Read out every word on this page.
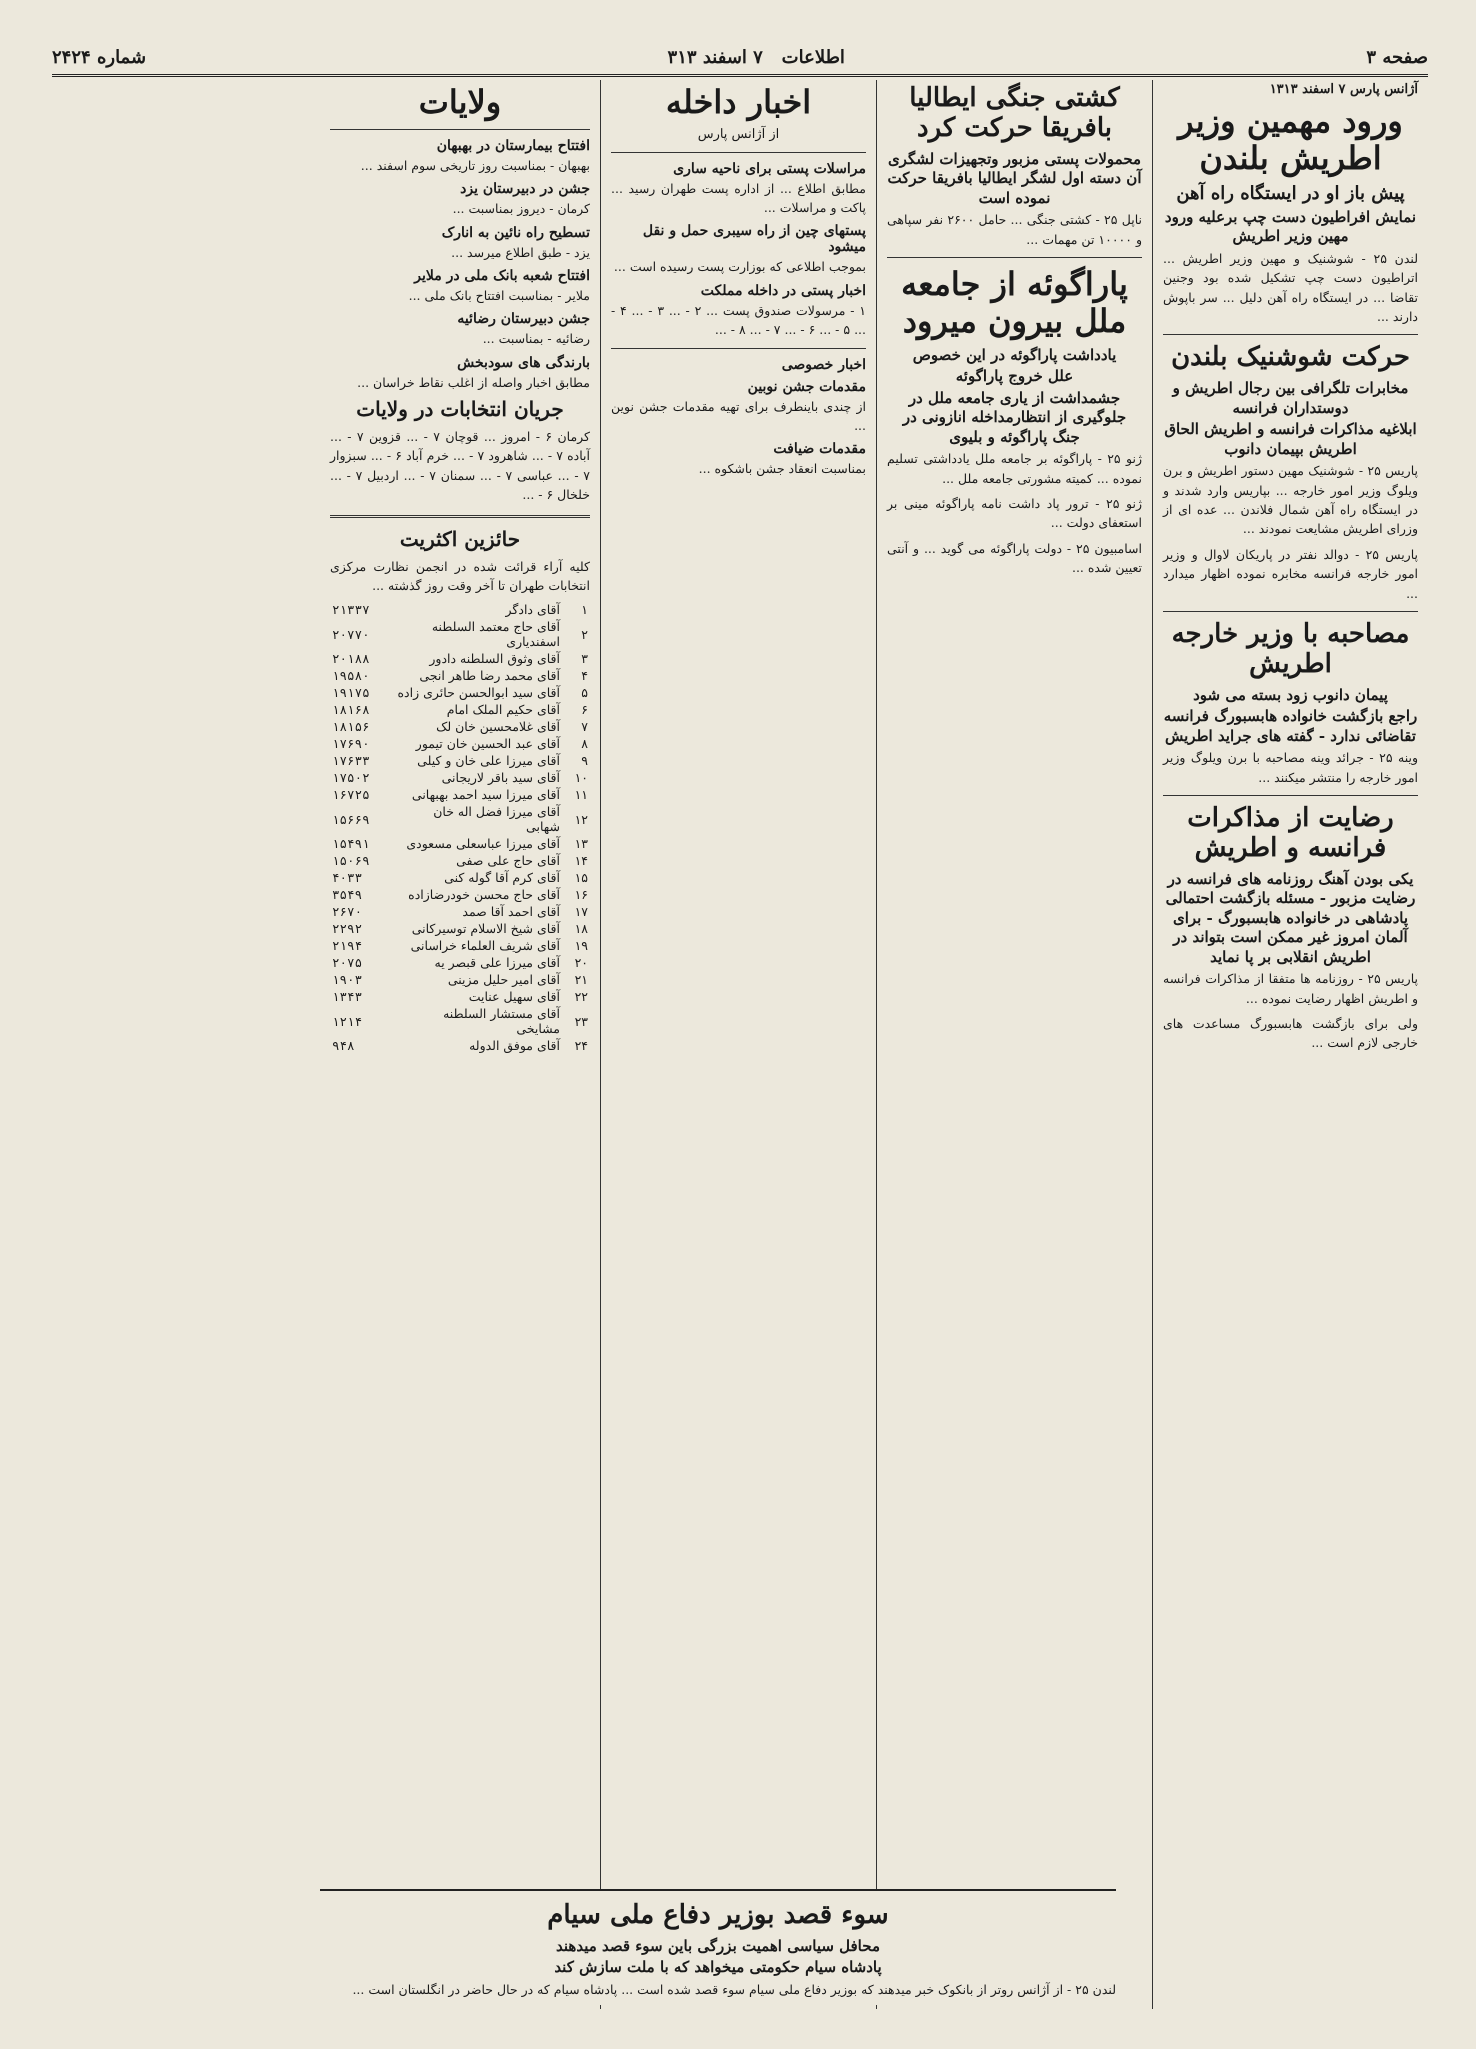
صفحه ۳
اطلاعات   ۷ اسفند ۳۱۳
شماره ۲۴۲۴
آژانس پارس ۷ اسفند ۱۳۱۳
ورود مهمین وزیر اطریش بلندن
پیش باز او در ایستگاه راه آهن
نمایش افراطیون دست چپ برعلیه ورود مهین وزیر اطریش

لندن ۲۵ - شوشنیک و مهین وزیر اطریش ... اتراطیون دست چپ تشکیل شده بود وجنین تقاضا ... در ایستگاه راه آهن دلیل ... سر باپوش دارند ...

حرکت شوشنیک بلندن
مخابرات تلگرافی بین رجال اطریش و دوستداران فرانسه
ابلاغیه مذاکرات فرانسه و اطریش الحاق اطریش بپیمان دانوب

پاریس ۲۵ - شوشنیک مهین دستور اطریش و برن ویلوگ وزیر امور خارجه ... بپاریس وارد شدند و در ایستگاه راه آهن شمال فلاندن ... عده ای از وزراى اطریش مشایعت نمودند ...

پاریس ۲۵ - دوالد نفتر در پاریکان لاوال و وزیر امور خارجه فرانسه مخابره نموده اظهار میدارد ...

مصاحبه با وزیر خارجه اطریش
پیمان دانوب زود بسته می شود
راجع بازگشت خانواده هابسبورگ فرانسه تقاضائی ندارد - گفته های جراید اطریش

وینه ۲۵ - جرائد وینه مصاحبه با برن ویلوگ وزیر امور خارجه را منتشر میکنند ...

رضایت از مذاکرات فرانسه و اطریش
یکی بودن آهنگ روزنامه های فرانسه در رضایت مزبور - مسئله بازگشت احتمالی پادشاهی در خانواده هابسبورگ - برای آلمان امروز غیر ممکن است بتواند در اطریش انقلابی بر پا نماید

پاریس ۲۵ - روزنامه ها متفقا از مذاکرات فرانسه و اطریش اظهار رضایت نموده ...

ولی برای بازگشت هابسبورگ مساعدت های خارجی لازم است ...

کشتی جنگی ایطالیا بافریقا حرکت کرد
محمولات پستی مزبور وتجهیزات لشگری آن دسته اول لشگر ایطالیا بافریقا حرکت نموده است

ناپل ۲۵ - کشتی جنگی ... حامل ۲۶۰۰ نفر سپاهی و ۱۰۰۰۰ تن مهمات ...

پاراگوئه از جامعه ملل بیرون میرود
یادداشت پاراگوئه در این خصوص
علل خروج پاراگوئه
جشمداشت از یاری جامعه ملل در جلوگیری از انتظارمداخله انازونی در جنگ پاراگوئه و بلیوی

ژنو ۲۵ - پاراگوئه بر جامعه ملل یادداشتی تسلیم نموده ... کمیته مشورتی جامعه ملل ...

ژنو ۲۵ - ترور پاد داشت نامه پاراگوئه مینی بر استعفای دولت ...

اسامبیون ۲۵ - دولت پاراگوئه می گوید ... و آنتی تعیین شده ...

اخبار داخله
از آژانس پارس
مراسلات پستی برای ناحیه ساری

مطابق اطلاع ... از اداره پست طهران رسید ... پاکت و مراسلات ...

پستهای چین از راه سیبری حمل و نقل میشود

بموجب اطلاعی که بوزارت پست رسیده است ...

اخبار پستی در داخله مملکت

۱ - مرسولات صندوق پست ... ۲ - ... ۳ - ... ۴ - ... ۵ - ... ۶ - ... ۷ - ... ۸ - ...

اخبار خصوصی
مقدمات جشن نوبین

از چندی باینطرف برای تهیه مقدمات جشن نوین ...

مقدمات ضیافت

بمناسبت انعقاد جشن باشکوه ...

ولایات
افتتاح بیمارستان در بهبهان

بهبهان - بمناسبت روز تاریخی سوم اسفند ...

جشن در دبیرستان یزد

کرمان - دیروز بمناسبت ...

تسطیح راه نائین به انارک

یزد - طبق اطلاع میرسد ...

افتتاح شعبه بانک ملی در ملایر

ملایر - بمناسبت افتتاح بانک ملی ...

جشن دبیرستان رضائیه

رضائیه - بمناسبت ...

بارندگی های سودبخش

مطابق اخبار واصله از اغلب نقاط خراسان ...

جریان انتخابات در ولایات

کرمان ۶ - امروز ... قوچان ۷ - ... قزوین ۷ - ... آباده ۷ - ... شاهرود ۷ - ... خرم آباد ۶ - ... سبزوار ۷ - ... عباسی ۷ - ... سمنان ۷ - ... اردبیل ۷ - ... خلخال ۶ - ...

حائزین اکثریت

کلیه آراء قرائت شده در انجمن نظارت مرکزی انتخابات طهران تا آخر وقت روز گذشته ...

۱	آقای دادگر	۲۱۳۳۷
۲	آقای حاج معتمد السلطنه اسفندیاری	۲۰۷۷۰
۳	آقای وثوق السلطنه دادور	۲۰۱۸۸
۴	آقای محمد رضا طاهر انجی	۱۹۵۸۰
۵	آقای سید ابوالحسن حائری زاده	۱۹۱۷۵
۶	آقای حکیم الملک امام	۱۸۱۶۸
۷	آقای غلامحسین خان لک	۱۸۱۵۶
۸	آقای عبد الحسین خان تیمور	۱۷۶۹۰
۹	آقای میرزا علی خان و کیلی	۱۷۶۳۳
۱۰	آقای سید باقر لاریجانی	۱۷۵۰۲
۱۱	آقای میرزا سید احمد بهبهانی	۱۶۷۲۵
۱۲	آقای میرزا فضل اله خان شهابی	۱۵۶۶۹
۱۳	آقای میرزا عباسعلی مسعودی	۱۵۴۹۱
۱۴	آقای حاج علی صفی	۱۵۰۶۹
۱۵	آقای کرم آقا گوله کنی	۴۰۳۳
۱۶	آقای حاج محسن خودرضازاده	۳۵۴۹
۱۷	آقای احمد آقا صمد	۲۶۷۰
۱۸	آقای شیخ الاسلام توسیرکانی	۲۲۹۲
۱۹	آقای شریف العلماء خراسانی	۲۱۹۴
۲۰	آقای میرزا علی قبصر یه	۲۰۷۵
۲۱	آقای امیر حلیل مزینی	۱۹۰۳
۲۲	آقای سهیل عنایت	۱۳۴۳
۲۳	آقای مستشار السلطنه مشایخی	۱۲۱۴
۲۴	آقای موفق الدوله	۹۴۸
سوء قصد بوزیر دفاع ملی سیام
محافل سیاسی اهمیت بزرگی باین سوء قصد میدهند
پادشاه سیام حکومتی میخواهد که با ملت سازش کند

لندن ۲۵ - از آژانس روتر از بانکوک خبر میدهند که بوزیر دفاع ملی سیام سوء قصد شده است ... پادشاه سیام که در حال حاضر در انگلستان است ...
